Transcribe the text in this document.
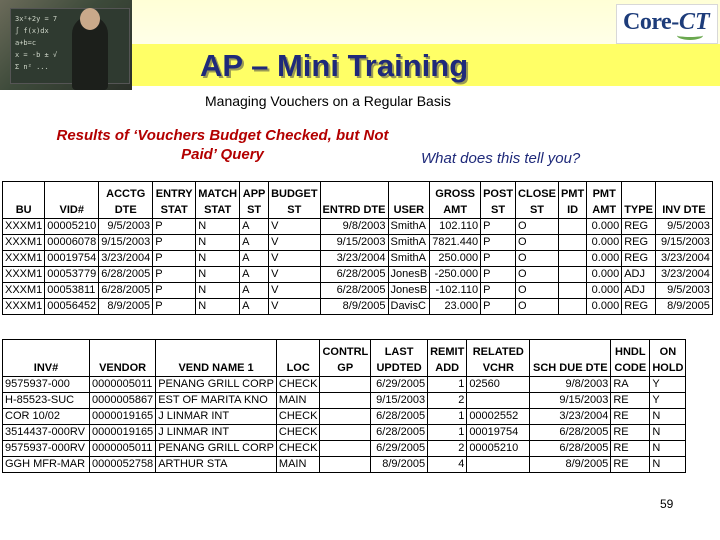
3x²+2y = 7
∫ f(x)dx
a+b=c
x = -b ± √
Σ n² ...
Core- CT
AP – Mini Training
Managing Vouchers on a Regular Basis
Results of ‘Vouchers Budget Checked, but Not Paid’ Query	What does this tell you?
BU	VID#	ACCTG DTE	ENTRY STAT	MATCH STAT	APP ST	BUDGET ST	ENTRD DTE	USER	GROSS AMT	POST ST	CLOSE ST	PMT ID	PMT AMT	TYPE	INV DTE
XXXM1	00005210	9/5/2003	P	N	A	V	9/8/2003	SmithA	102.110	P	O		0.000	REG	9/5/2003
XXXM1	00006078	9/15/2003	P	N	A	V	9/15/2003	SmithA	7821.440	P	O		0.000	REG	9/15/2003
XXXM1	00019754	3/23/2004	P	N	A	V	3/23/2004	SmithA	250.000	P	O		0.000	REG	3/23/2004
XXXM1	00053779	6/28/2005	P	N	A	V	6/28/2005	JonesB	-250.000	P	O		0.000	ADJ	3/23/2004
XXXM1	00053811	6/28/2005	P	N	A	V	6/28/2005	JonesB	-102.110	P	O		0.000	ADJ	9/5/2003
XXXM1	00056452	8/9/2005	P	N	A	V	8/9/2005	DavisC	23.000	P	O		0.000	REG	8/9/2005
INV#	VENDOR	VEND NAME 1	LOC	CONTRL GP	LAST UPDTED	REMIT ADD	RELATED VCHR	SCH DUE DTE	HNDL CODE	ON HOLD
9575937-000	0000005011	PENANG GRILL CORP	CHECK		6/29/2005	1	02560	9/8/2003	RA	Y
H-85523-SUC	0000005867	EST OF MARITA KNO	MAIN		9/15/2003	2		9/15/2003	RE	Y
COR 10/02	0000019165	J LINMAR INT	CHECK		6/28/2005	1	00002552	3/23/2004	RE	N
3514437-000RV	0000019165	J LINMAR INT	CHECK		6/28/2005	1	00019754	6/28/2005	RE	N
9575937-000RV	0000005011	PENANG GRILL CORP	CHECK		6/29/2005	2	00005210	6/28/2005	RE	N
GGH MFR-MAR	0000052758	ARTHUR STA	MAIN		8/9/2005	4		8/9/2005	RE	N
59
